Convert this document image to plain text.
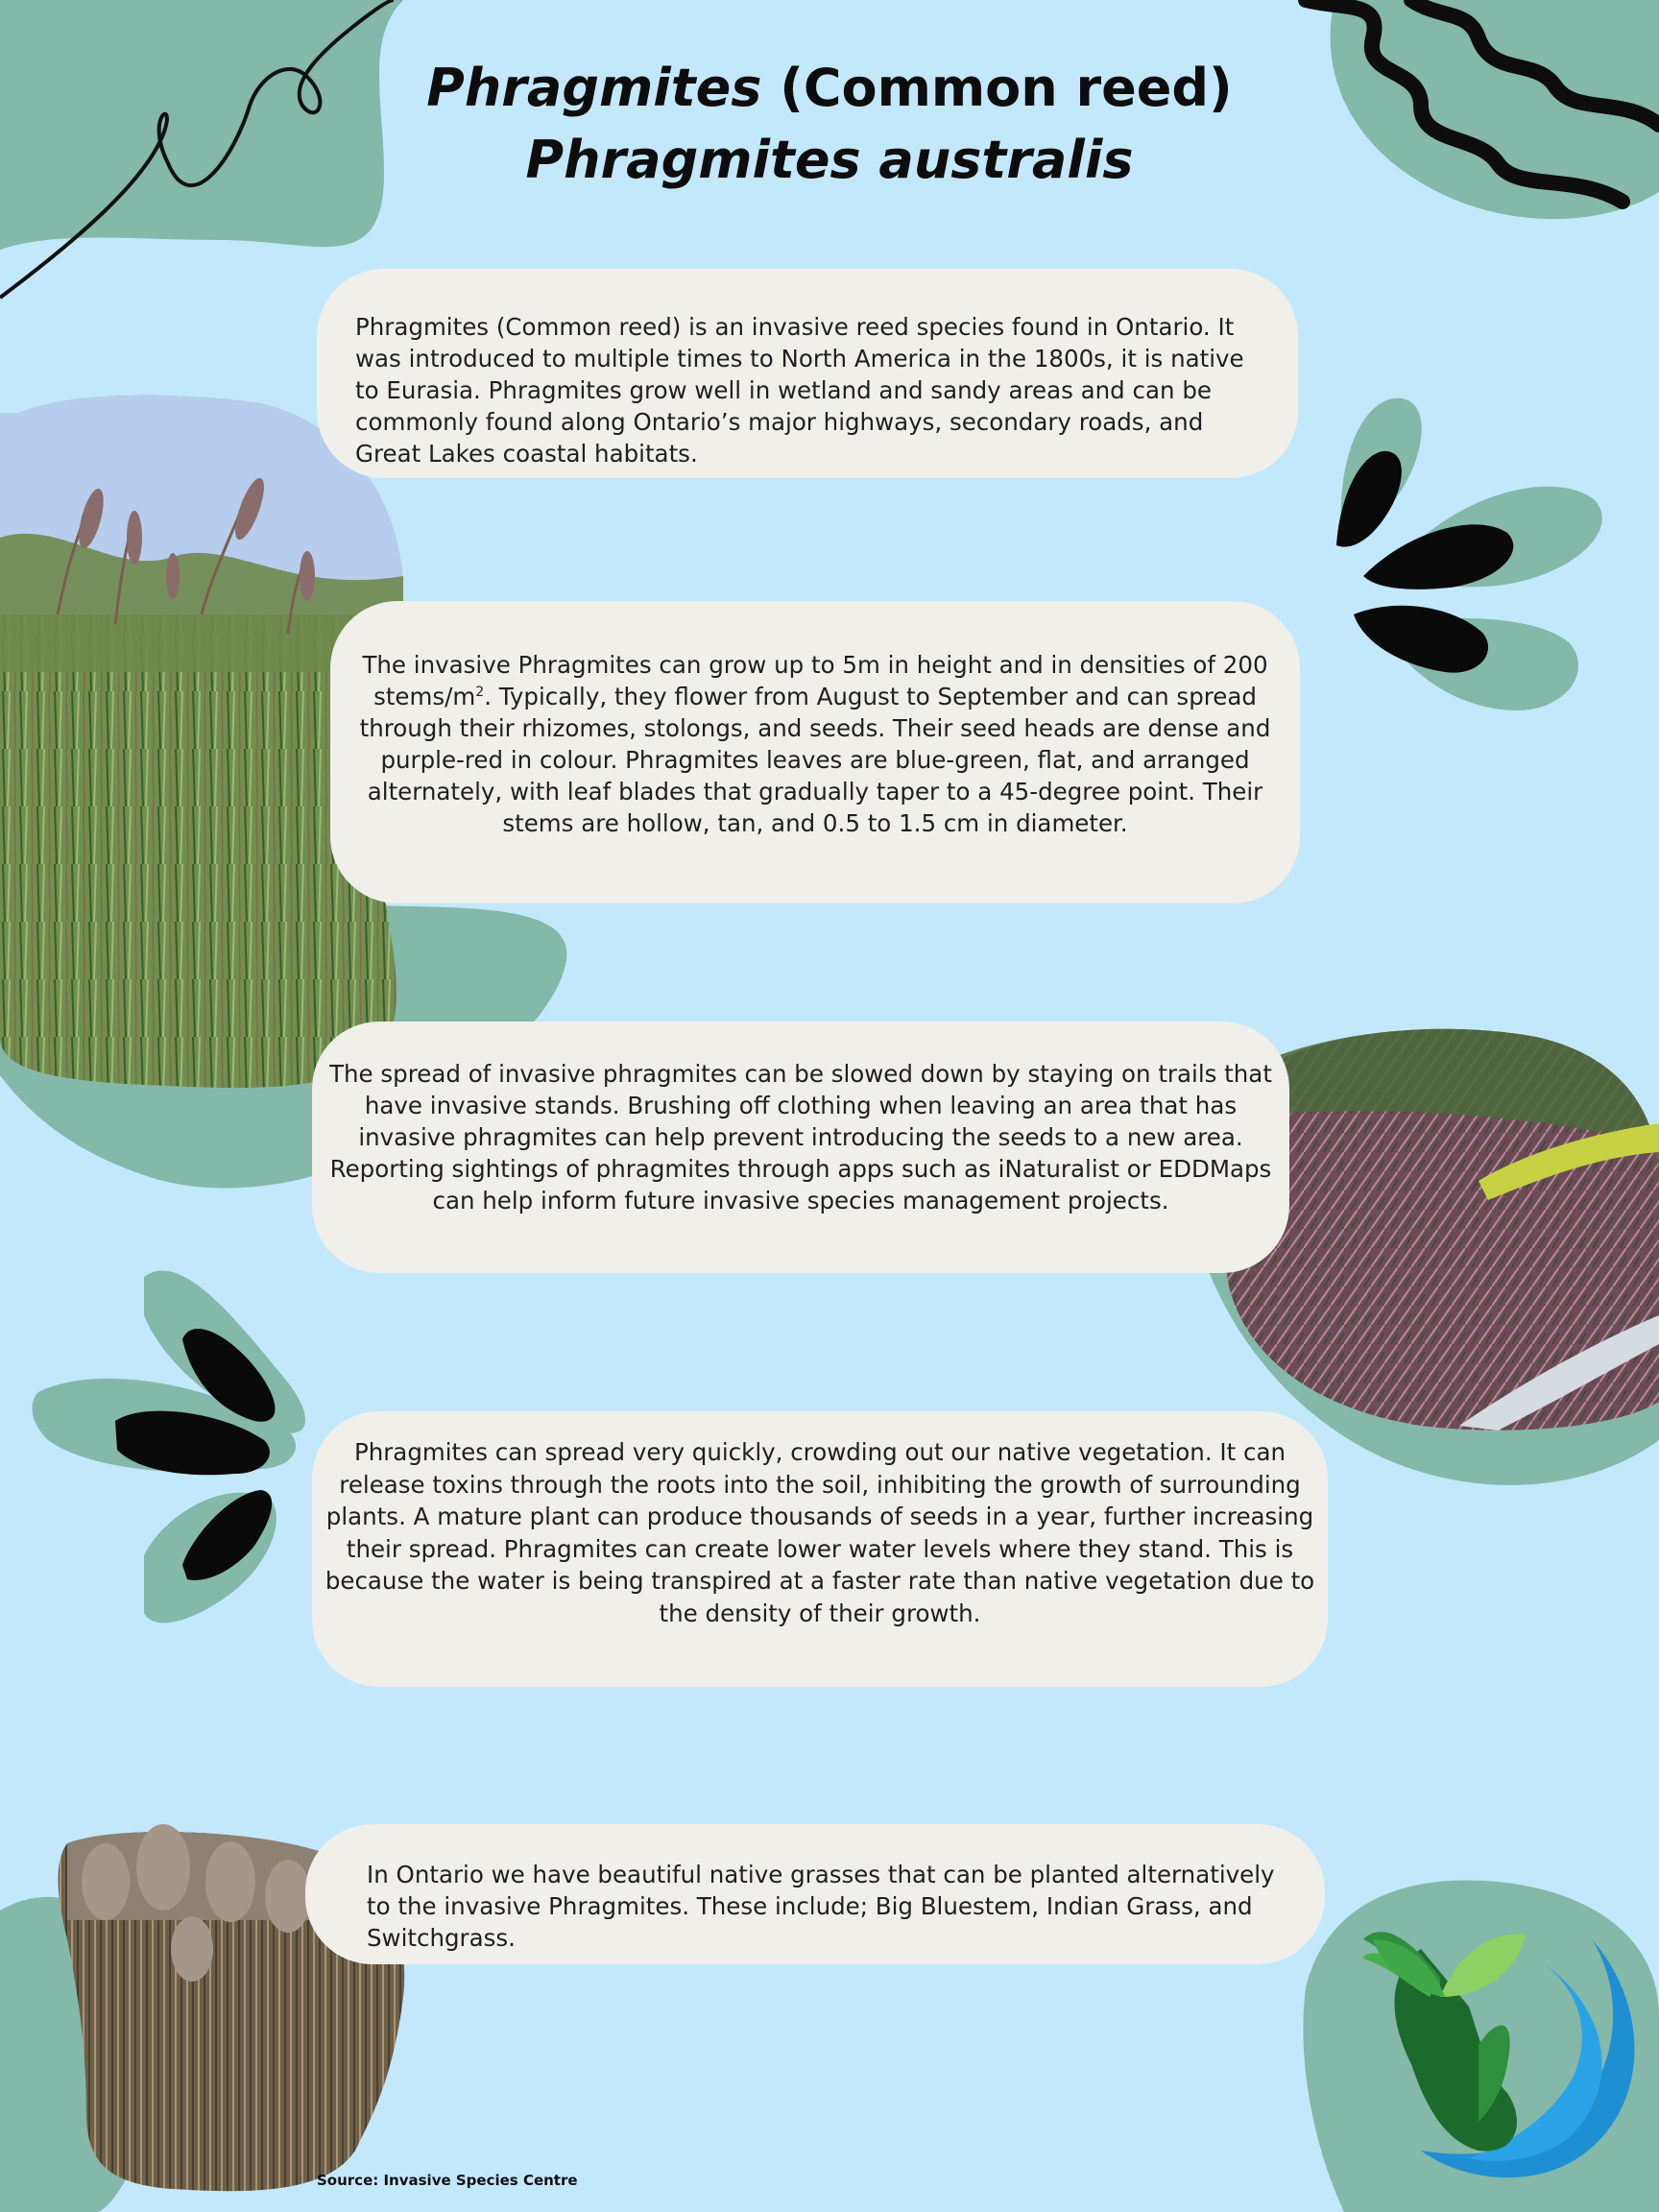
Phragmites (Common reed)
Phragmites australis

Phragmites (Common reed) is an invasive reed species found in Ontario. It was introduced to multiple times to North America in the 1800s, it is native to Eurasia. Phragmites grow well in wetland and sandy areas and can be commonly found along Ontario’s major highways, secondary roads, and Great Lakes coastal habitats.

The invasive Phragmites can grow up to 5m in height and in densities of 200 stems/$m^2$. Typically, they flower from August to September and can spread through their rhizomes, stolongs, and seeds. Their seed heads are dense and purple-red in colour. Phragmites leaves are blue-green, flat, and arranged alternately, with leaf blades that gradually taper to a 45-degree point. Their stems are hollow, tan, and 0.5 to 1.5 cm in diameter.

The spread of invasive phragmites can be slowed down by staying on trails that have invasive stands. Brushing off clothing when leaving an area that has invasive phragmites can help prevent introducing the seeds to a new area. Reporting sightings of phragmites through apps such as iNaturalist or EDDMaps can help inform future invasive species management projects.

Phragmites can spread very quickly, crowding out our native vegetation. It can release toxins through the roots into the soil, inhibiting the growth of surrounding plants. A mature plant can produce thousands of seeds in a year, further increasing their spread. Phragmites can create lower water levels where they stand. This is because the water is being transpired at a faster rate than native vegetation due to the density of their growth.

In Ontario we have beautiful native grasses that can be planted alternatively to the invasive Phragmites. These include; Big Bluestem, Indian Grass, and Switchgrass.

Source: Invasive Species Centre
